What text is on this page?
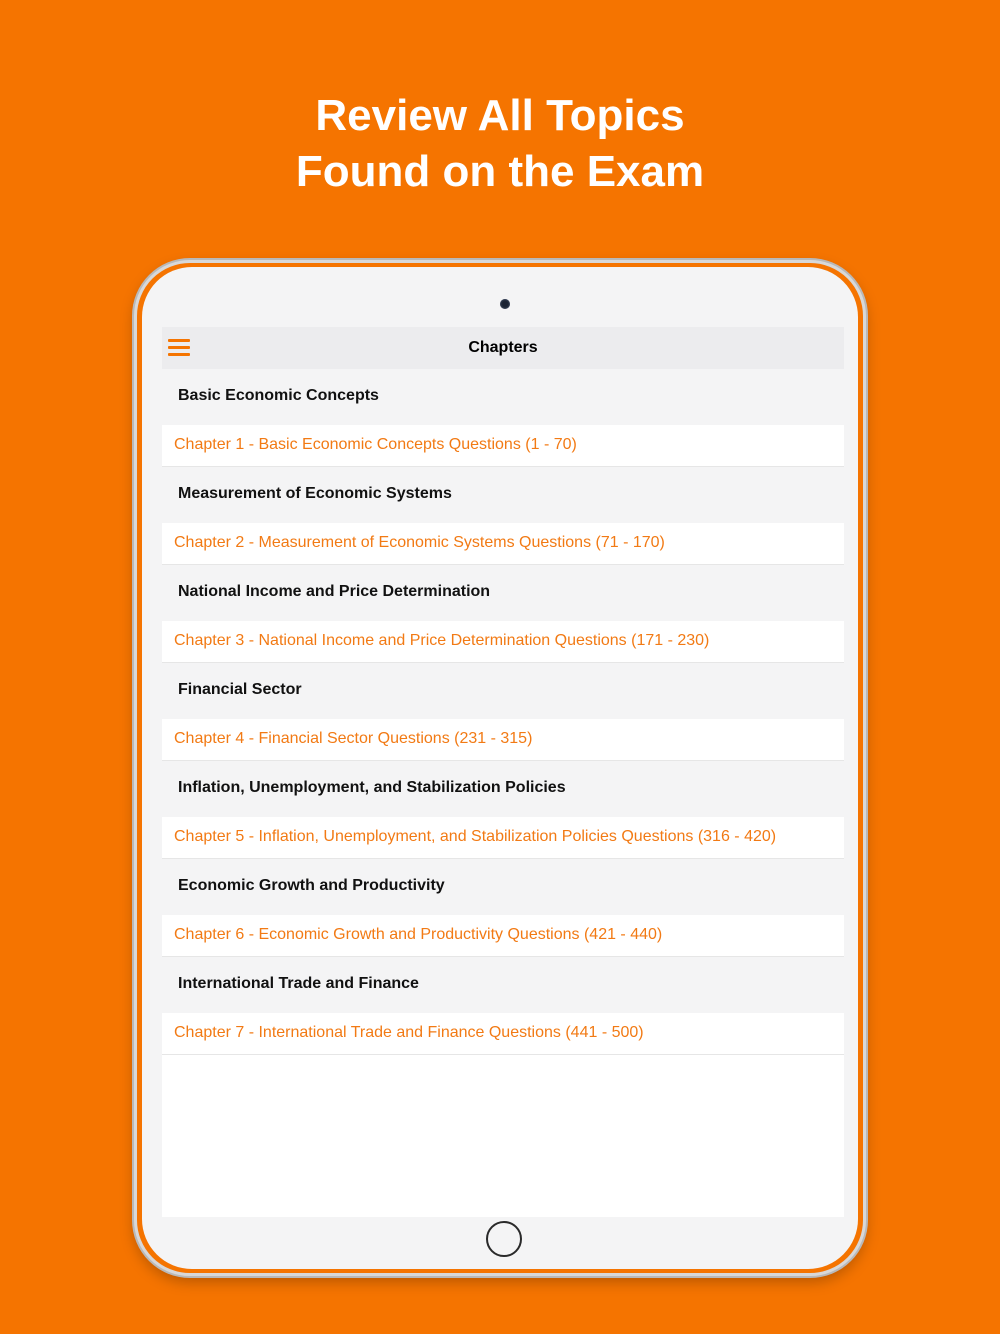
Review All Topics
Found on the Exam
Chapters
Basic Economic Concepts
Chapter 1 - Basic Economic Concepts Questions (1 - 70)
Measurement of Economic Systems
Chapter 2 - Measurement of Economic Systems Questions (71 - 170)
National Income and Price Determination
Chapter 3 - National Income and Price Determination Questions (171 - 230)
Financial Sector
Chapter 4 - Financial Sector Questions (231 - 315)
Inflation, Unemployment, and Stabilization Policies
Chapter 5 - Inflation, Unemployment, and Stabilization Policies Questions (316 - 420)
Economic Growth and Productivity
Chapter 6 - Economic Growth and Productivity Questions (421 - 440)
International Trade and Finance
Chapter 7 - International Trade and Finance Questions (441 - 500)
